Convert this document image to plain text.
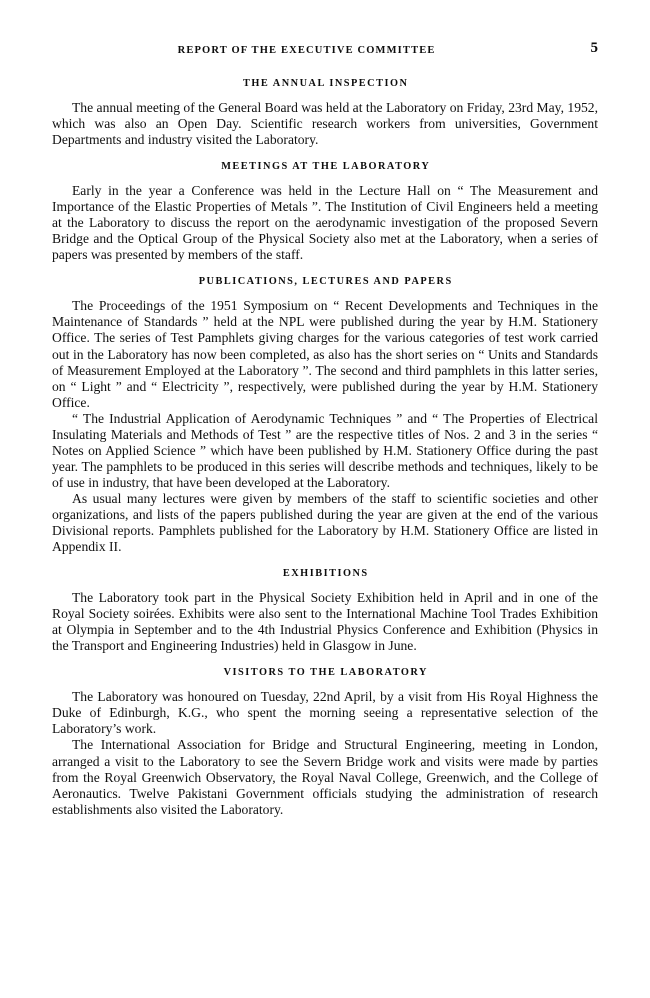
REPORT OF THE EXECUTIVE COMMITTEE	5
THE ANNUAL INSPECTION

The annual meeting of the General Board was held at the Laboratory on Friday, 23rd May, 1952, which was also an Open Day. Scientific research workers from universities, Government Departments and industry visited the Laboratory.

MEETINGS AT THE LABORATORY

Early in the year a Conference was held in the Lecture Hall on “ The Measurement and Importance of the Elastic Properties of Metals ”. The Institution of Civil Engineers held a meeting at the Laboratory to discuss the report on the aerodynamic investigation of the proposed Severn Bridge and the Optical Group of the Physical Society also met at the Laboratory, when a series of papers was presented by members of the staff.

PUBLICATIONS, LECTURES AND PAPERS

The Proceedings of the 1951 Symposium on “ Recent Developments and Techniques in the Maintenance of Standards ” held at the NPL were published during the year by H.M. Stationery Office. The series of Test Pamphlets giving charges for the various categories of test work carried out in the Laboratory has now been completed, as also has the short series on “ Units and Standards of Measurement Employed at the Laboratory ”. The second and third pamphlets in this latter series, on “ Light ” and “ Electricity ”, respectively, were published during the year by H.M. Stationery Office.

“ The Industrial Application of Aerodynamic Techniques ” and “ The Properties of Electrical Insulating Materials and Methods of Test ” are the respective titles of Nos. 2 and 3 in the series “ Notes on Applied Science ” which have been published by H.M. Stationery Office during the past year. The pamphlets to be produced in this series will describe methods and techniques, likely to be of use in industry, that have been developed at the Laboratory.

As usual many lectures were given by members of the staff to scientific societies and other organizations, and lists of the papers published during the year are given at the end of the various Divisional reports. Pamphlets published for the Laboratory by H.M. Stationery Office are listed in Appendix II.

EXHIBITIONS

The Laboratory took part in the Physical Society Exhibition held in April and in one of the Royal Society soirées. Exhibits were also sent to the International Machine Tool Trades Exhibition at Olympia in September and to the 4th Industrial Physics Conference and Exhibition (Physics in the Transport and Engineering Industries) held in Glasgow in June.

VISITORS TO THE LABORATORY

The Laboratory was honoured on Tuesday, 22nd April, by a visit from His Royal Highness the Duke of Edinburgh, K.G., who spent the morning seeing a representative selection of the Laboratory’s work.

The International Association for Bridge and Structural Engineering, meeting in London, arranged a visit to the Laboratory to see the Severn Bridge work and visits were made by parties from the Royal Greenwich Observatory, the Royal Naval College, Greenwich, and the College of Aeronautics. Twelve Pakistani Government officials studying the administration of research establishments also visited the Laboratory.
